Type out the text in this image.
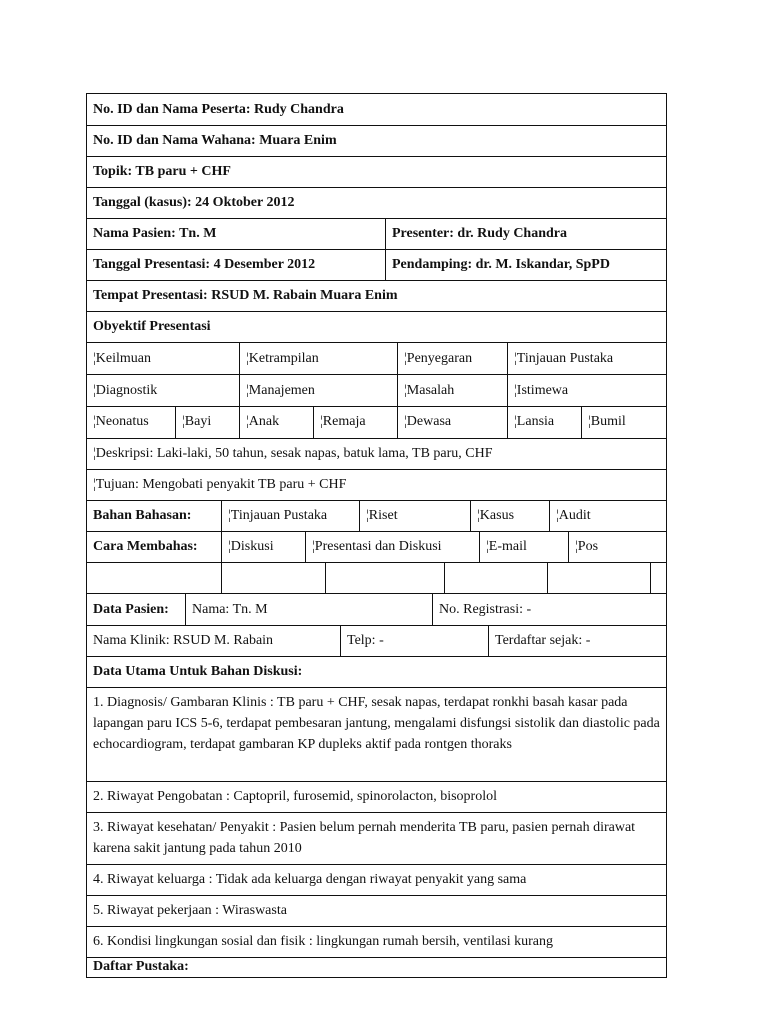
No. ID dan Nama Peserta: Rudy Chandra
No. ID dan Nama Wahana: Muara Enim
Topik: TB paru + CHF
Tanggal (kasus): 24 Oktober 2012
Nama Pasien: Tn. M	Presenter: dr. Rudy Chandra
Tanggal Presentasi: 4 Desember 2012	Pendamping: dr. M. Iskandar, SpPD
Tempat Presentasi: RSUD M. Rabain Muara Enim
Obyektif Presentasi
¦Keilmuan	¦Ketrampilan	¦Penyegaran	¦Tinjauan Pustaka
¦Diagnostik	¦Manajemen	¦Masalah	¦Istimewa
¦Neonatus	¦Bayi	¦Anak	¦Remaja	¦Dewasa	¦Lansia	¦Bumil
¦Deskripsi: Laki-laki, 50 tahun, sesak napas, batuk lama, TB paru, CHF
¦Tujuan: Mengobati penyakit TB paru + CHF
Bahan Bahasan:	¦Tinjauan Pustaka	¦Riset	¦Kasus	¦Audit
Cara Membahas:	¦Diskusi	¦Presentasi dan Diskusi	¦E-mail	¦Pos
Data Pasien:	Nama: Tn. M	No. Registrasi: -
Nama Klinik: RSUD M. Rabain	Telp: -	Terdaftar sejak: -
Data Utama Untuk Bahan Diskusi:
1. Diagnosis/ Gambaran Klinis : TB paru + CHF, sesak napas, terdapat ronkhi basah kasar pada lapangan paru ICS 5-6, terdapat pembesaran jantung, mengalami disfungsi sistolik dan diastolic pada echocardiogram, terdapat gambaran KP dupleks aktif pada rontgen thoraks
2. Riwayat Pengobatan : Captopril, furosemid, spinorolacton, bisoprolol
3. Riwayat kesehatan/ Penyakit : Pasien belum pernah menderita TB paru, pasien pernah dirawat karena sakit jantung pada tahun 2010
4. Riwayat keluarga : Tidak ada keluarga dengan riwayat penyakit yang sama
5. Riwayat pekerjaan : Wiraswasta
6. Kondisi lingkungan sosial dan fisik : lingkungan rumah bersih, ventilasi kurang
Daftar Pustaka:
